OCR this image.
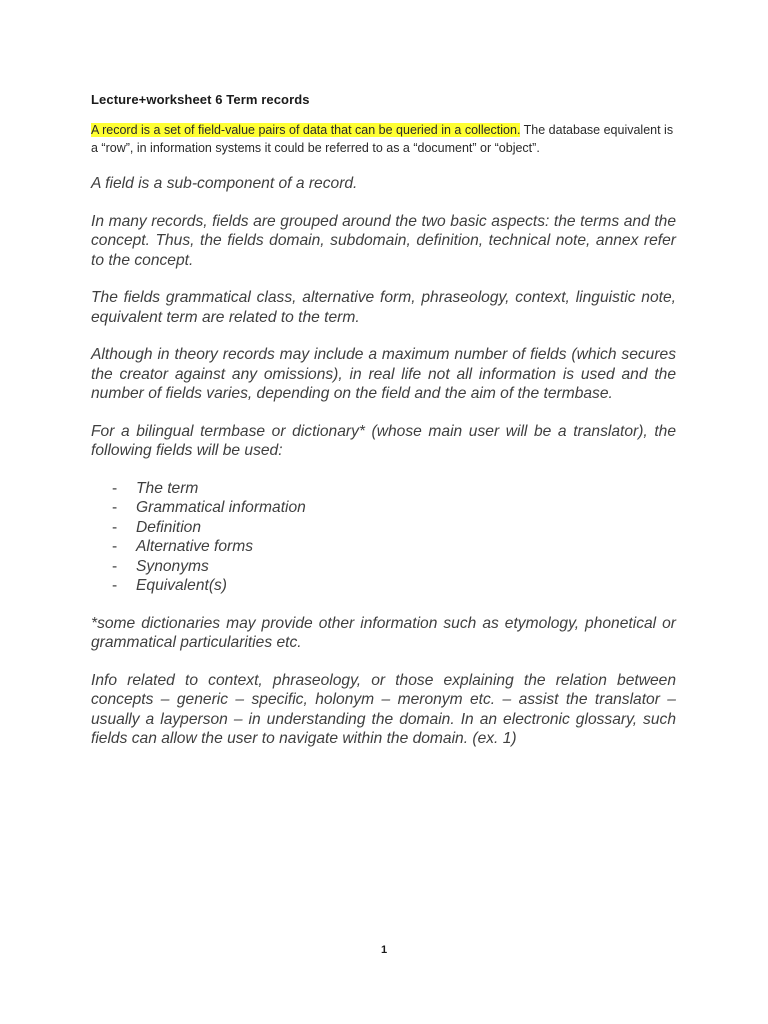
Lecture+worksheet 6 Term records
A record is a set of field-value pairs of data that can be queried in a collection. The database equivalent is a “row”, in information systems it could be referred to as a “document” or “object”.

A field is a sub-component of a record.

In many records, fields are grouped around the two basic aspects: the terms and the concept. Thus, the fields domain, subdomain, definition, technical note, annex refer to the concept.

The fields grammatical class, alternative form, phraseology, context, linguistic note, equivalent term are related to the term.

Although in theory records may include a maximum number of fields (which secures the creator against any omissions), in real life not all information is used and the number of fields varies, depending on the field and the aim of the termbase.

For a bilingual termbase or dictionary* (whose main user will be a translator), the following fields will be used:

- The term
- Grammatical information
- Definition
- Alternative forms
- Synonyms
- Equivalent(s)

*some dictionaries may provide other information such as etymology, phonetical or grammatical particularities etc.

Info related to context, phraseology, or those explaining the relation between concepts – generic – specific, holonym – meronym etc. – assist the translator – usually a layperson – in understanding the domain. In an electronic glossary, such fields can allow the user to navigate within the domain. (ex. 1)

1
